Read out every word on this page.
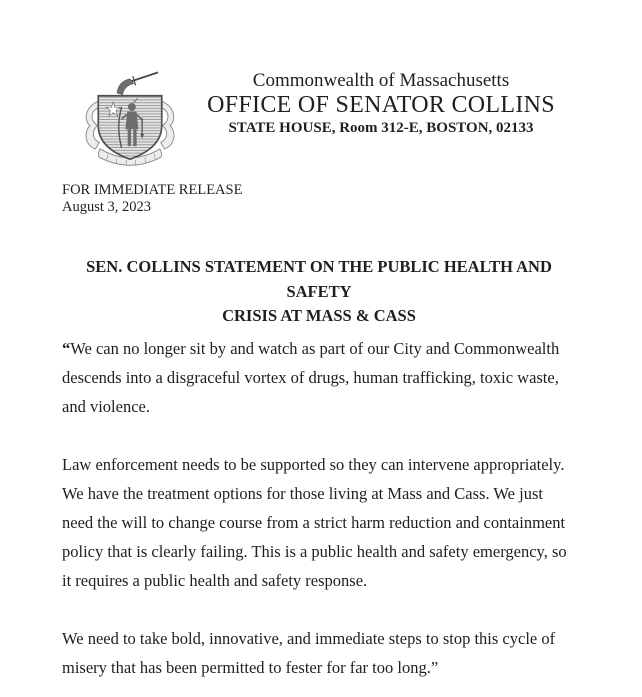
Commonwealth of Massachusetts
OFFICE OF SENATOR COLLINS
STATE HOUSE, Room 312-E, BOSTON, 02133
FOR IMMEDIATE RELEASE
August 3, 2023
SEN. COLLINS STATEMENT ON THE PUBLIC HEALTH AND SAFETY
CRISIS AT MASS & CASS

“We can no longer sit by and watch as part of our City and Commonwealth descends into a disgraceful vortex of drugs, human trafficking, toxic waste, and violence.

Law enforcement needs to be supported so they can intervene appropriately. We have the treatment options for those living at Mass and Cass. We just need the will to change course from a strict harm reduction and containment policy that is clearly failing. This is a public health and safety emergency, so it requires a public health and safety response.

We need to take bold, innovative, and immediate steps to stop this cycle of misery that has been permitted to fester for far too long.”
